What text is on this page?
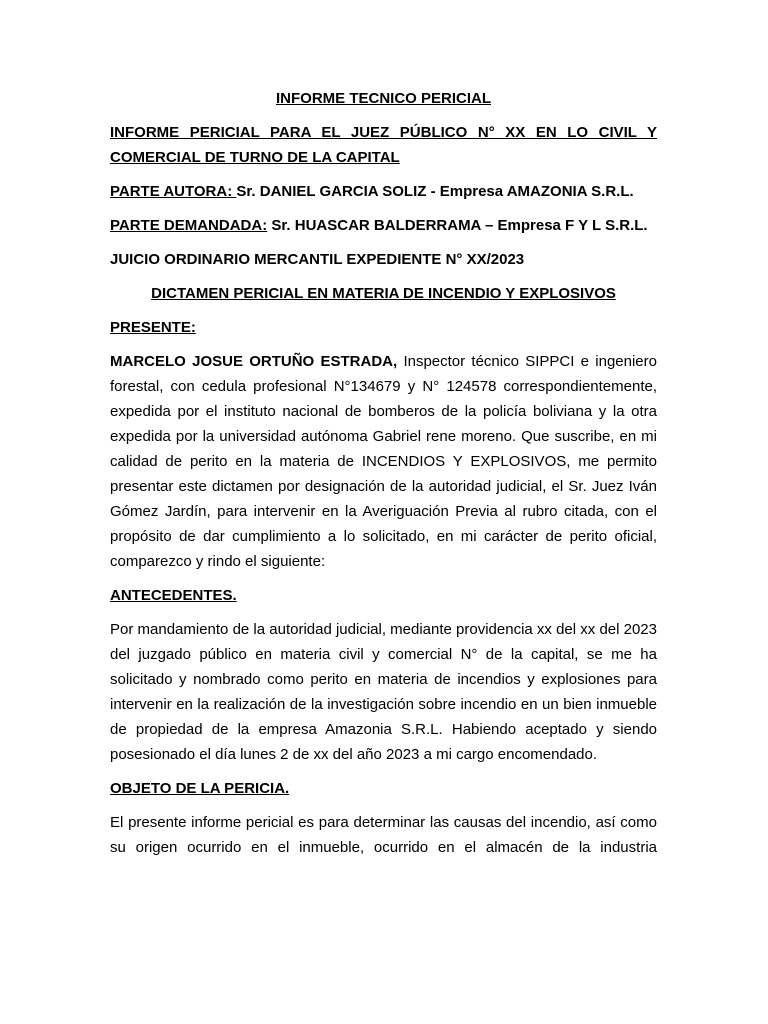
INFORME TECNICO PERICIAL

INFORME PERICIAL PARA EL JUEZ PÚBLICO N° XX EN LO CIVIL Y COMERCIAL DE TURNO DE LA CAPITAL

PARTE AUTORA: Sr. DANIEL GARCIA SOLIZ - Empresa AMAZONIA S.R.L.

PARTE DEMANDADA: Sr. HUASCAR BALDERRAMA – Empresa F Y L S.R.L.

JUICIO ORDINARIO MERCANTIL EXPEDIENTE N° XX/2023

DICTAMEN PERICIAL EN MATERIA DE INCENDIO Y EXPLOSIVOS

PRESENTE:

MARCELO JOSUE ORTUÑO ESTRADA, Inspector técnico SIPPCI e ingeniero forestal, con cedula profesional N°134679 y N° 124578 correspondientemente, expedida por el instituto nacional de bomberos de la policía boliviana y la otra expedida por la universidad autónoma Gabriel rene moreno. Que suscribe, en mi calidad de perito en la materia de INCENDIOS Y EXPLOSIVOS, me permito presentar este dictamen por designación de la autoridad judicial, el Sr. Juez Iván Gómez Jardín, para intervenir en la Averiguación Previa al rubro citada, con el propósito de dar cumplimiento a lo solicitado, en mi carácter de perito oficial, comparezco y rindo el siguiente:

ANTECEDENTES.

Por mandamiento de la autoridad judicial, mediante providencia xx del xx del 2023 del juzgado público en materia civil y comercial N° de la capital, se me ha solicitado y nombrado como perito en materia de incendios y explosiones para intervenir en la realización de la investigación sobre incendio en un bien inmueble de propiedad de la empresa Amazonia S.R.L. Habiendo aceptado y siendo posesionado el día lunes 2 de xx del año 2023 a mi cargo encomendado.

OBJETO DE LA PERICIA.

El presente informe pericial es para determinar las causas del incendio, así como su origen ocurrido en el inmueble, ocurrido en el almacén de la industria
